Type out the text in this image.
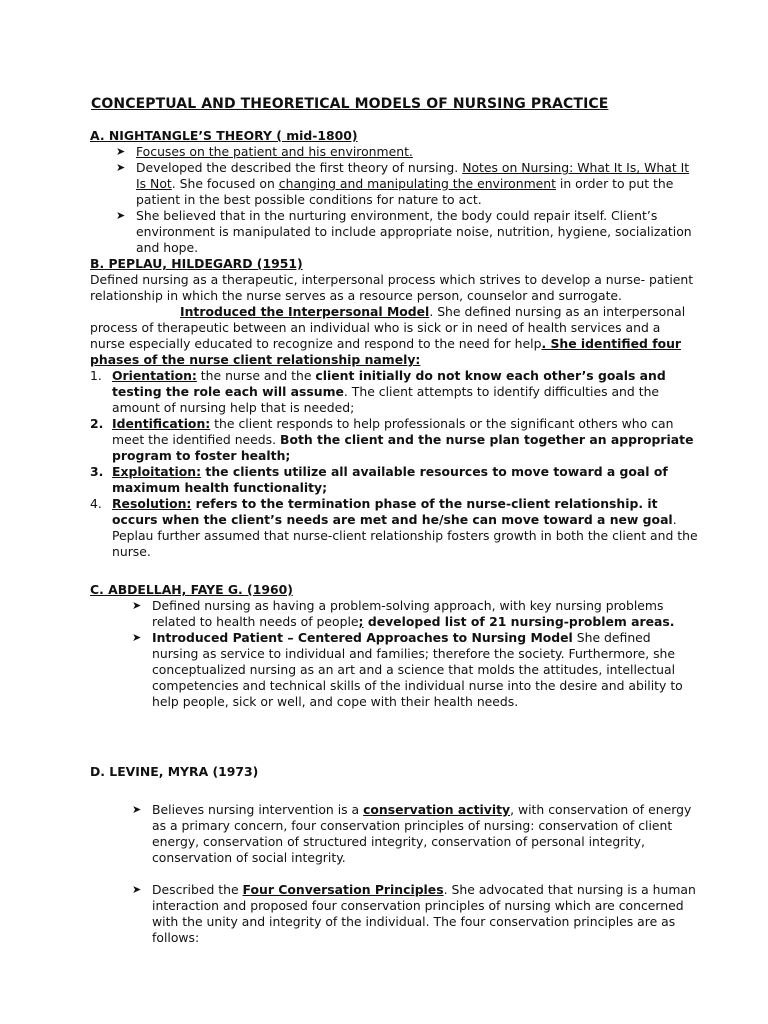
CONCEPTUAL AND THEORETICAL MODELS OF NURSING PRACTICE

A. NIGHTANGLE’S THEORY ( mid-1800)

➤ Focuses on the patient and his environment.
➤ Developed the described the first theory of nursing. Notes on Nursing: What It Is, What It Is Not. She focused on changing and manipulating the environment in order to put the patient in the best possible conditions for nature to act.
➤ She believed that in the nurturing environment, the body could repair itself. Client’s environment is manipulated to include appropriate noise, nutrition, hygiene, socialization and hope.

B. PEPLAU, HILDEGARD (1951)

Defined nursing as a therapeutic, interpersonal process which strives to develop a nurse- patient relationship in which the nurse serves as a resource person, counselor and surrogate.

Introduced the Interpersonal Model. She defined nursing as an interpersonal process of therapeutic between an individual who is sick or in need of health services and a nurse especially educated to recognize and respond to the need for help. She identified four phases of the nurse client relationship namely:

1. Orientation: the nurse and the client initially do not know each other’s goals and testing the role each will assume. The client attempts to identify difficulties and the amount of nursing help that is needed;
2. Identification: the client responds to help professionals or the significant others who can meet the identified needs. Both the client and the nurse plan together an appropriate program to foster health;
3. Exploitation: the clients utilize all available resources to move toward a goal of maximum health functionality;
4. Resolution: refers to the termination phase of the nurse-client relationship. it occurs when the client’s needs are met and he/she can move toward a new goal. Peplau further assumed that nurse-client relationship fosters growth in both the client and the nurse.

C. ABDELLAH, FAYE G. (1960)

➤ Defined nursing as having a problem-solving approach, with key nursing problems related to health needs of people; developed list of 21 nursing-problem areas.
➤ Introduced Patient – Centered Approaches to Nursing Model She defined nursing as service to individual and families; therefore the society. Furthermore, she conceptualized nursing as an art and a science that molds the attitudes, intellectual competencies and technical skills of the individual nurse into the desire and ability to help people, sick or well, and cope with their health needs.

D. LEVINE, MYRA (1973)

➤ Believes nursing intervention is a conservation activity, with conservation of energy as a primary concern, four conservation principles of nursing: conservation of client energy, conservation of structured integrity, conservation of personal integrity, conservation of social integrity.
➤ Described the Four Conversation Principles. She advocated that nursing is a human interaction and proposed four conservation principles of nursing which are concerned with the unity and integrity of the individual. The four conservation principles are as follows:
